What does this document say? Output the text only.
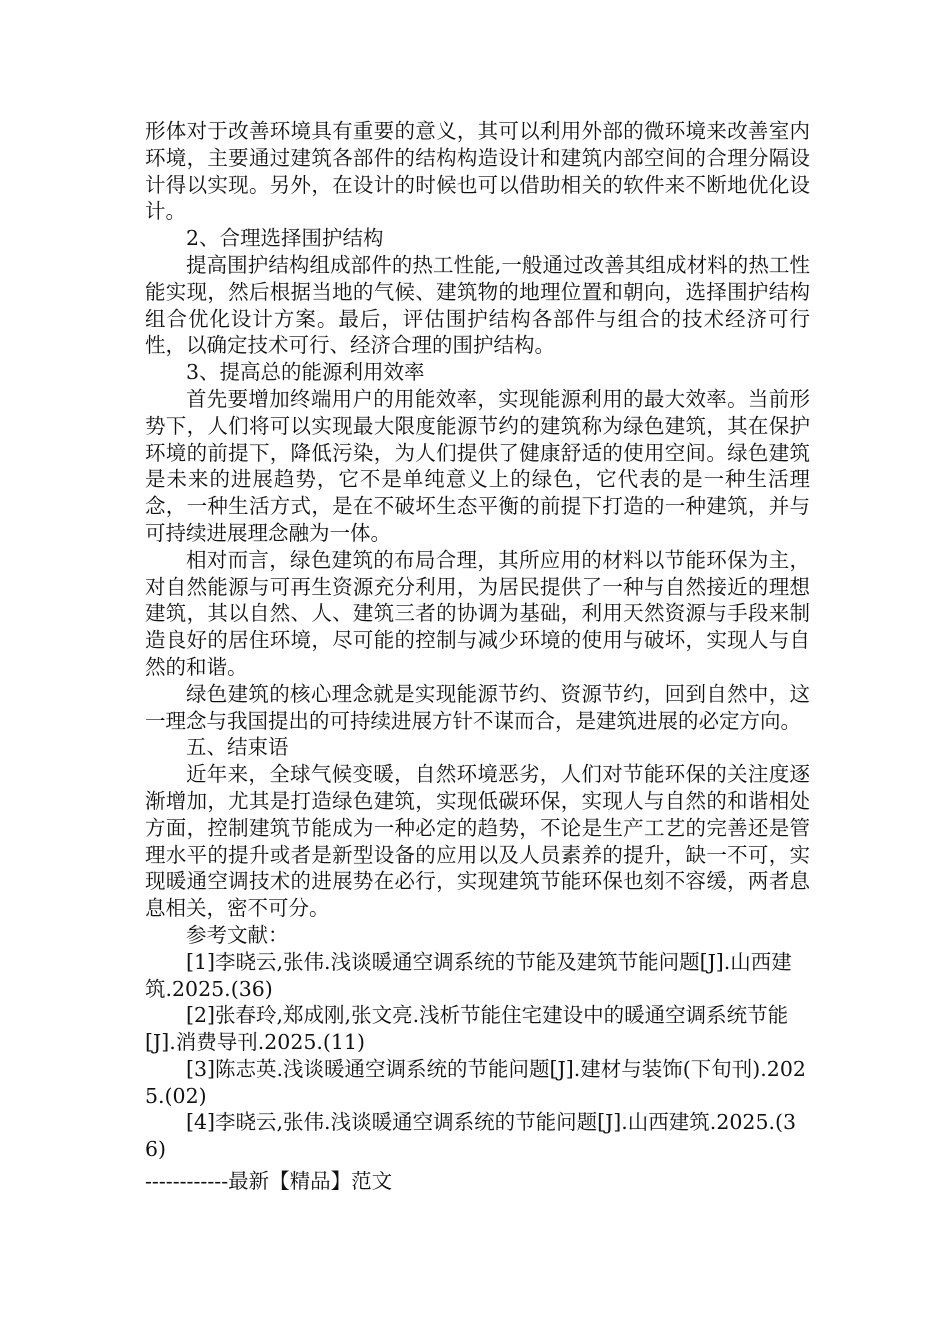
形体对于改善环境具有重要的意义，其可以利用外部的微环境来改善室内环境，主要通过建筑各部件的结构构造设计和建筑内部空间的合理分隔设计得以实现。另外，在设计的时候也可以借助相关的软件来不断地优化设计。

2、合理选择围护结构

提高围护结构组成部件的热工性能,一般通过改善其组成材料的热工性能实现，然后根据当地的气候、建筑物的地理位置和朝向，选择围护结构组合优化设计方案。最后，评估围护结构各部件与组合的技术经济可行性，以确定技术可行、经济合理的围护结构。

3、提高总的能源利用效率

首先要增加终端用户的用能效率，实现能源利用的最大效率。当前形势下，人们将可以实现最大限度能源节约的建筑称为绿色建筑，其在保护环境的前提下，降低污染，为人们提供了健康舒适的使用空间。绿色建筑是未来的进展趋势，它不是单纯意义上的绿色，它代表的是一种生活理念，一种生活方式，是在不破坏生态平衡的前提下打造的一种建筑，并与可持续进展理念融为一体。

相对而言，绿色建筑的布局合理，其所应用的材料以节能环保为主，对自然能源与可再生资源充分利用，为居民提供了一种与自然接近的理想建筑，其以自然、人、建筑三者的协调为基础，利用天然资源与手段来制造良好的居住环境，尽可能的控制与减少环境的使用与破坏，实现人与自然的和谐。

绿色建筑的核心理念就是实现能源节约、资源节约，回到自然中，这一理念与我国提出的可持续进展方针不谋而合，是建筑进展的必定方向。

五、结束语

近年来，全球气候变暖，自然环境恶劣，人们对节能环保的关注度逐渐增加，尤其是打造绿色建筑，实现低碳环保，实现人与自然的和谐相处方面，控制建筑节能成为一种必定的趋势，不论是生产工艺的完善还是管理水平的提升或者是新型设备的应用以及人员素养的提升，缺一不可，实现暖通空调技术的进展势在必行，实现建筑节能环保也刻不容缓，两者息息相关，密不可分。

参考文献：

[1]李晓云,张伟.浅谈暖通空调系统的节能及建筑节能问题[J].山西建筑.2025.(36)

[2]张春玲,郑成刚,张文亮.浅析节能住宅建设中的暖通空调系统节能[J].消费导刊.2025.(11)

[3]陈志英.浅谈暖通空调系统的节能问题[J].建材与装饰(下旬刊).2025.(02)

[4]李晓云,张伟.浅谈暖通空调系统的节能问题[J].山西建筑.2025.(36)

------------最新【精品】范文
